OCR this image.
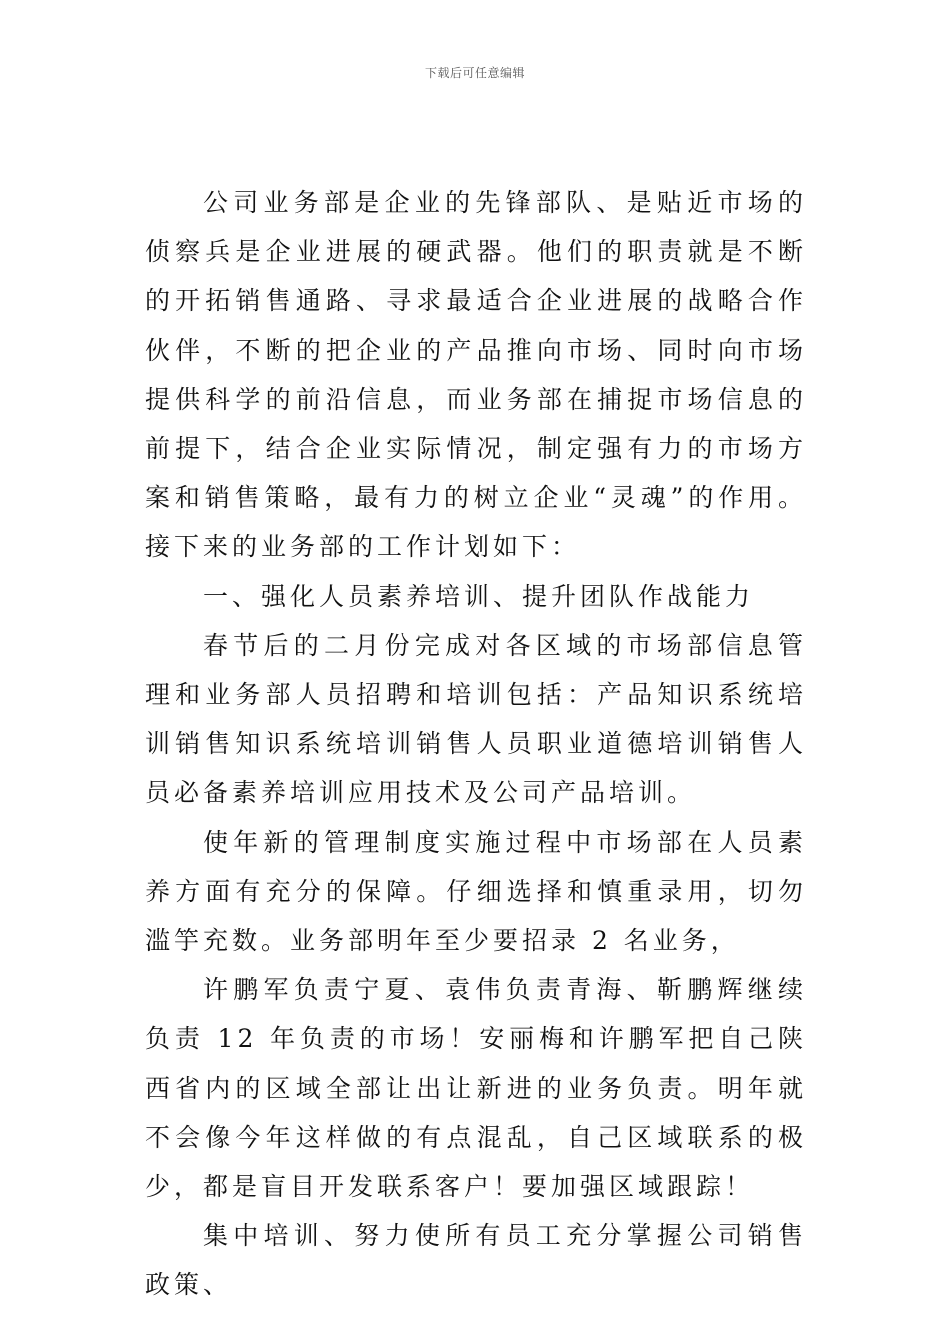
下载后可任意编辑

公司业务部是企业的先锋部队、是贴近市场的侦察兵是企业进展的硬武器。他们的职责就是不断的开拓销售通路、寻求最适合企业进展的战略合作伙伴，不断的把企业的产品推向市场、同时向市场提供科学的前沿信息，而业务部在捕捉市场信息的前提下，结合企业实际情况，制定强有力的市场方案和销售策略，最有力的树立企业“灵魂”的作用。接下来的业务部的工作计划如下：

一、强化人员素养培训、提升团队作战能力

春节后的二月份完成对各区域的市场部信息管理和业务部人员招聘和培训包括：产品知识系统培训销售知识系统培训销售人员职业道德培训销售人员必备素养培训应用技术及公司产品培训。

使年新的管理制度实施过程中市场部在人员素养方面有充分的保障。仔细选择和慎重录用，切勿滥竽充数。业务部明年至少要招录 2 名业务，

许鹏军负责宁夏、袁伟负责青海、靳鹏辉继续负责 12 年负责的市场！安丽梅和许鹏军把自己陕西省内的区域全部让出让新进的业务负责。明年就不会像今年这样做的有点混乱，自己区域联系的极少，都是盲目开发联系客户！要加强区域跟踪！

集中培训、努力使所有员工充分掌握公司销售政策、
